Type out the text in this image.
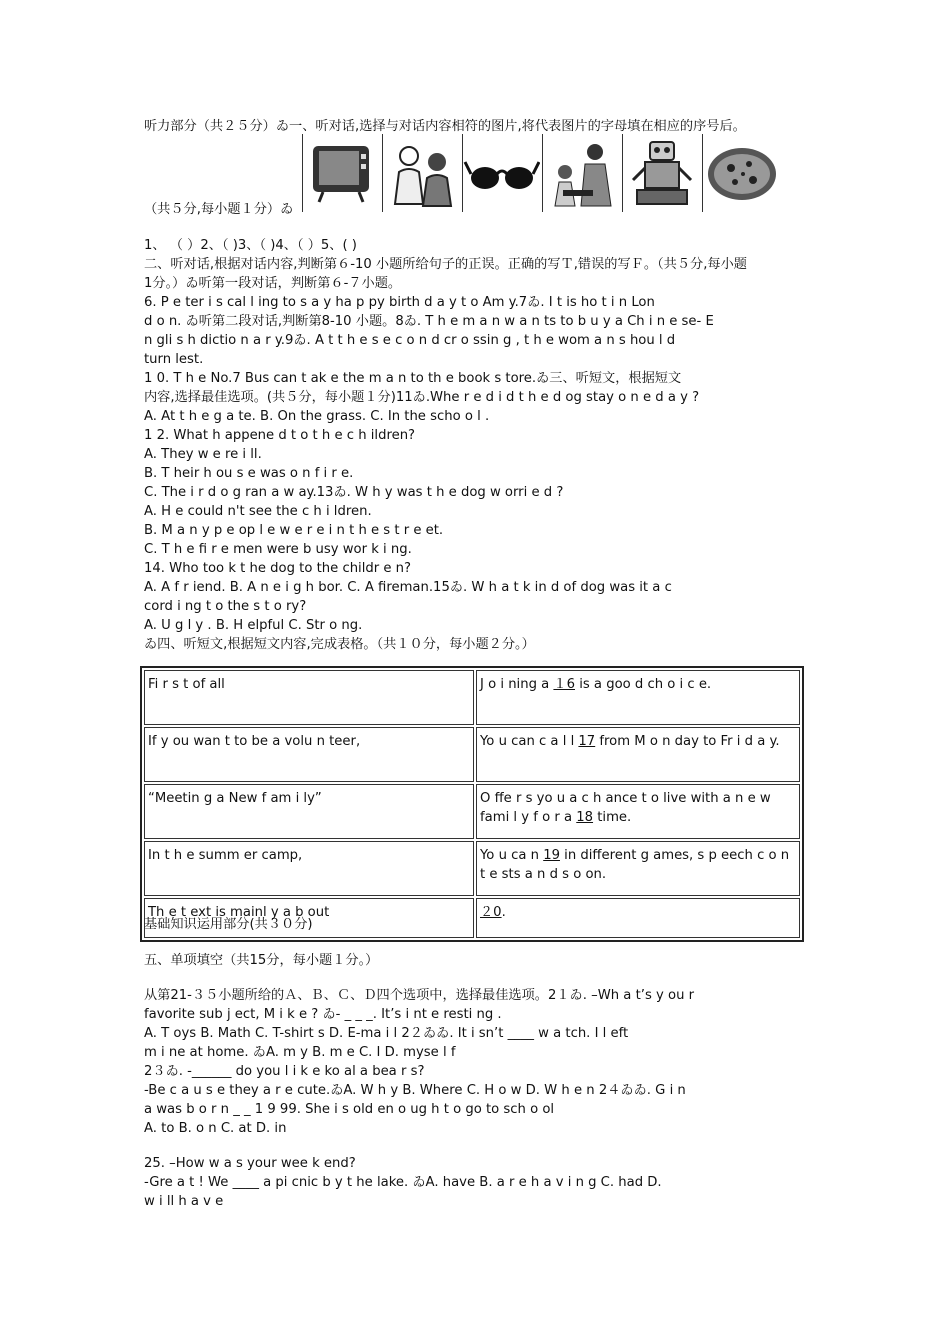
听力部分（共２５分）ゐ一、听对话,选择与对话内容相符的图片,将代表图片的字母填在相应的序号后。
（共５分,每小题１分）ゐ
1、 （ ）2、（ )3、（ )4、（ ）5、( )
二、听对话,根据对话内容,判断第６-10 小题所给句子的正误。正确的写Ｔ,错误的写Ｆ。（共５分,每小题
1分。）ゐ听第一段对话，判断第６-７小题。
6. P e ter i s cal l ing to s a y ha p py birth d a y t o Am y.7ゐ. I t is ho t i n Lon
d o n. ゐ听第二段对话,判断第8-10 小题。8ゐ. T h e m a n w a n ts to b u y a Ch i n e se- E
n gli s h dictio n a r y.9ゐ. A t t h e s e c o n d cr o ssin g , t h e wom a n s hou l d
turn lest.
1 0. T h e No.7 Bus can t ak e the m a n to th e book s tore.ゐ三、听短文，根据短文
内容,选择最佳选项。(共５分，每小题１分)11ゐ.Whe r e d i d t h e d og stay o n e d a y ?
A. At t h e g a te. B. On the grass. C. In the scho o l .
1 2. What h appene d t o t h e c h ildren?
A. They w e re i ll.
B. T heir h ou s e was o n f i r e.
C. The i r d o g ran a w ay.13ゐ. W h y was t h e dog w orri e d ?
A. H e could n't see the c h i ldren.
B. M a n y p e op l e w e r e i n t h e s t r e et.
C. T h e fi r e men were b usy wor k i ng.
14. Who too k t he dog to the childr e n?
A. A f r iend. B. A n e i g h bor. C. A fireman.15ゐ. W h a t k in d of dog was it a c
cord i ng t o the s t o ry?
A. U g l y . B. H elpful C. Str o ng.
ゐ四、听短文,根据短文内容,完成表格。（共１０分，每小题２分。）
Fi r s t of all	J o i ning a １6 is a goo d ch o i c e.
If y ou wan t to be a volu n teer,	Yo u can c a l l 17 from M o n day to Fr i d a y.
“Meetin g a New f am i ly”	O ffe r s yo u a c h ance t o live with a n e w fami l y f o r a 18 time.
In t h e summ er camp,	Yo u ca n 19 in different g ames, s p eech c o n t e sts a n d s o on.
Th e t ext is mainl y a b out	２0.
基础知识运用部分(共３０分)
五、单项填空（共15分，每小题１分。）
从第21-３５小题所给的Ａ、Ｂ、Ｃ、Ｄ四个选项中，选择最佳选项。2１ゐ. –Wh a t’s y ou r
favorite sub j ect, M i k e ? ゐ- _ _ _. It’s i nt e resti ng .
A. T oys B. Math C. T-shirt s D. E-ma i l 2２ゐゐ. It i sn’t ____ w a tch. I l eft
m i ne at home. ゐA. m y B. m e C. I D. myse l f
2３ゐ. -______ do you l i k e ko al a bea r s?
-Be c a u s e they a r e cute.ゐA. W h y B. Where C. H o w D. W h e n 2４ゐゐ. G i n
a was b o r n _ _ 1 9 99. She i s old en o ug h t o go to sch o ol
A. to B. o n C. at D. in
25. –How w a s your wee k end?
-Gre a t ! We ____ a pi cnic b y t he lake. ゐA. have B. a r e h a v i n g C. had D.
w i ll h a v e
